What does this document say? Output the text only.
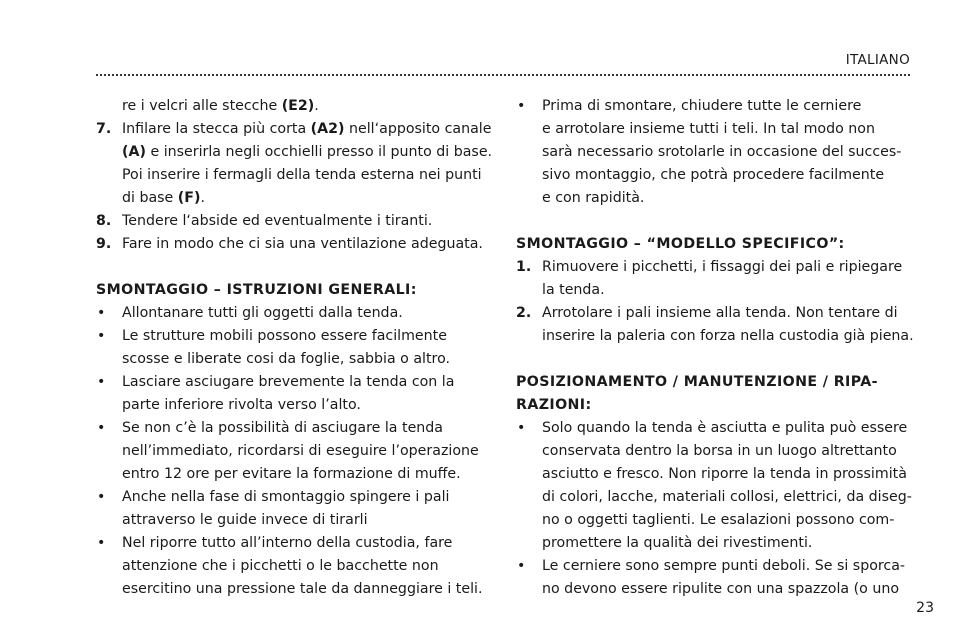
ITALIANO
re i velcri alle stecche (E2).
7. Infilare la stecca più corta (A2) nell‘apposito canale
(A) e inserirla negli occhielli presso il punto di base.
Poi inserire i fermagli della tenda esterna nei punti
di base (F).
8. Tendere l‘abside ed eventualmente i tiranti.
9. Fare in modo che ci sia una ventilazione adeguata.
SMONTAGGIO – ISTRUZIONI GENERALI:
• Allontanare tutti gli oggetti dalla tenda.
• Le strutture mobili possono essere facilmente
scosse e liberate cosi da foglie, sabbia o altro.
• Lasciare asciugare brevemente la tenda con la
parte inferiore rivolta verso l’alto.
• Se non c’è la possibilità di asciugare la tenda
nell’immediato, ricordarsi di eseguire l’operazione
entro 12 ore per evitare la formazione di muffe.
• Anche nella fase di smontaggio spingere i pali
attraverso le guide invece di tirarli
• Nel riporre tutto all’interno della custodia, fare
attenzione che i picchetti o le bacchette non
esercitino una pressione tale da danneggiare i teli.
• Prima di smontare, chiudere tutte le cerniere
e arrotolare insieme tutti i teli. In tal modo non
sarà necessario srotolarle in occasione del succes-
sivo montaggio, che potrà procedere facilmente
e con rapidità.
SMONTAGGIO – “MODELLO SPECIFICO”:
1. Rimuovere i picchetti, i fissaggi dei pali e ripiegare
la tenda.
2. Arrotolare i pali insieme alla tenda. Non tentare di
inserire la paleria con forza nella custodia già piena.
POSIZIONAMENTO / MANUTENZIONE / RIPA-
RAZIONI:
• Solo quando la tenda è asciutta e pulita può essere
conservata dentro la borsa in un luogo altrettanto
asciutto e fresco. Non riporre la tenda in prossimità
di colori, lacche, materiali collosi, elettrici, da diseg-
no o oggetti taglienti. Le esalazioni possono com-
promettere la qualità dei rivestimenti.
• Le cerniere sono sempre punti deboli. Se si sporca-
no devono essere ripulite con una spazzola (o uno
23
